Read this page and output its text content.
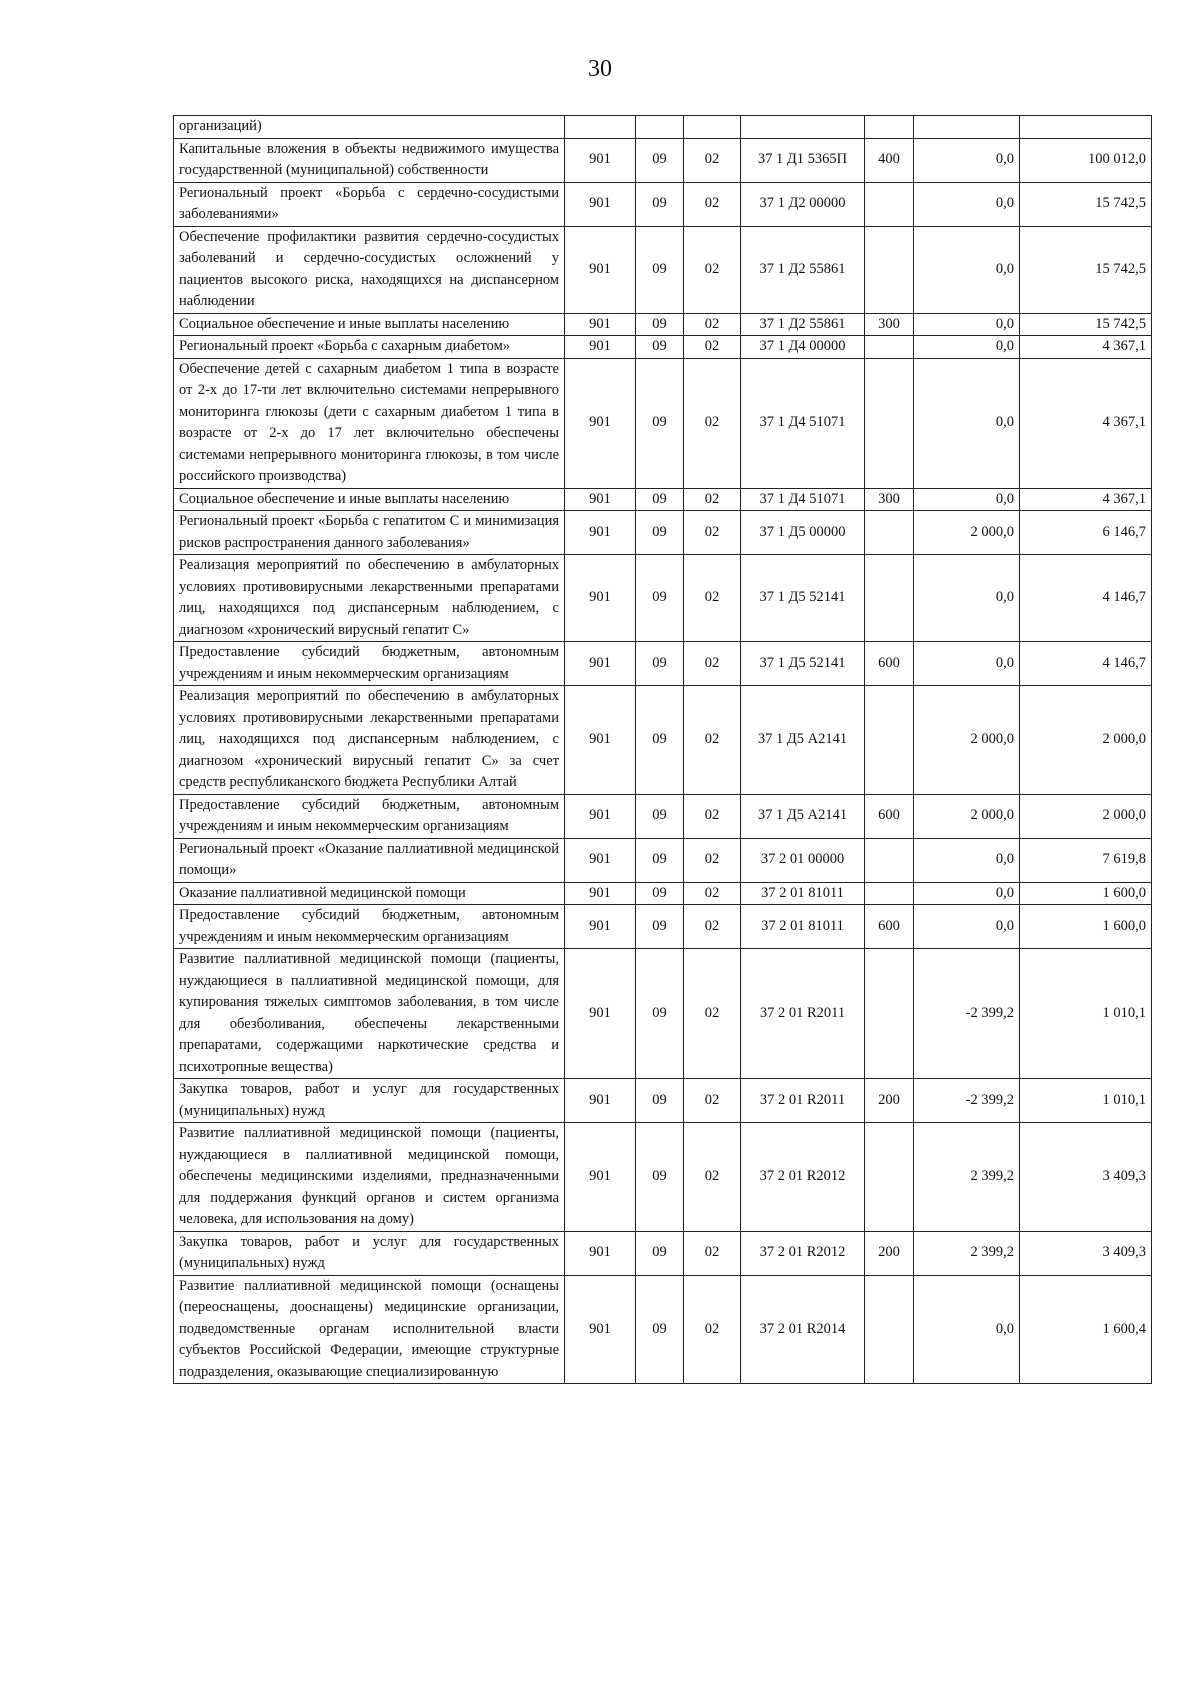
30
организаций)							
Капитальные вложения в объекты недвижимого имущества государственной (муниципальной) собственности	901	09	02	37 1 Д1 5365П	400	0,0	100 012,0
Региональный проект «Борьба с сердечно-сосудистыми заболеваниями»	901	09	02	37 1 Д2 00000		0,0	15 742,5
Обеспечение профилактики развития сердечно-сосудистых заболеваний и сердечно-сосудистых осложнений у пациентов высокого риска, находящихся на диспансерном наблюдении	901	09	02	37 1 Д2 55861		0,0	15 742,5
Социальное обеспечение и иные выплаты населению	901	09	02	37 1 Д2 55861	300	0,0	15 742,5
Региональный проект «Борьба с сахарным диабетом»	901	09	02	37 1 Д4 00000		0,0	4 367,1
Обеспечение детей с сахарным диабетом 1 типа в возрасте от 2-х до 17-ти лет включительно системами непрерывного мониторинга глюкозы (дети с сахарным диабетом 1 типа в возрасте от 2-х до 17 лет включительно обеспечены системами непрерывного мониторинга глюкозы, в том числе российского производства)	901	09	02	37 1 Д4 51071		0,0	4 367,1
Социальное обеспечение и иные выплаты населению	901	09	02	37 1 Д4 51071	300	0,0	4 367,1
Региональный проект «Борьба с гепатитом С и минимизация рисков распространения данного заболевания»	901	09	02	37 1 Д5 00000		2 000,0	6 146,7
Реализация мероприятий по обеспечению в амбулаторных условиях противовирусными лекарственными препаратами лиц, находящихся под диспансерным наблюдением, с диагнозом «хронический вирусный гепатит С»	901	09	02	37 1 Д5 52141		0,0	4 146,7
Предоставление субсидий бюджетным, автономным учреждениям и иным некоммерческим организациям	901	09	02	37 1 Д5 52141	600	0,0	4 146,7
Реализация мероприятий по обеспечению в амбулаторных условиях противовирусными лекарственными препаратами лиц, находящихся под диспансерным наблюдением, с диагнозом «хронический вирусный гепатит С» за счет средств республиканского бюджета Республики Алтай	901	09	02	37 1 Д5 А2141		2 000,0	2 000,0
Предоставление субсидий бюджетным, автономным учреждениям и иным некоммерческим организациям	901	09	02	37 1 Д5 А2141	600	2 000,0	2 000,0
Региональный проект «Оказание паллиативной медицинской помощи»	901	09	02	37 2 01 00000		0,0	7 619,8
Оказание паллиативной медицинской помощи	901	09	02	37 2 01 81011		0,0	1 600,0
Предоставление субсидий бюджетным, автономным учреждениям и иным некоммерческим организациям	901	09	02	37 2 01 81011	600	0,0	1 600,0
Развитие паллиативной медицинской помощи (пациенты, нуждающиеся в паллиативной медицинской помощи, для купирования тяжелых симптомов заболевания, в том числе для обезболивания, обеспечены лекарственными препаратами, содержащими наркотические средства и психотропные вещества)	901	09	02	37 2 01 R2011		-2 399,2	1 010,1
Закупка товаров, работ и услуг для государственных (муниципальных) нужд	901	09	02	37 2 01 R2011	200	-2 399,2	1 010,1
Развитие паллиативной медицинской помощи (пациенты, нуждающиеся в паллиативной медицинской помощи, обеспечены медицинскими изделиями, предназначенными для поддержания функций органов и систем организма человека, для использования на дому)	901	09	02	37 2 01 R2012		2 399,2	3 409,3
Закупка товаров, работ и услуг для государственных (муниципальных) нужд	901	09	02	37 2 01 R2012	200	2 399,2	3 409,3
Развитие паллиативной медицинской помощи (оснащены (переоснащены, дооснащены) медицинские организации, подведомственные органам исполнительной власти субъектов Российской Федерации, имеющие структурные подразделения, оказывающие специализированную	901	09	02	37 2 01 R2014		0,0	1 600,4
